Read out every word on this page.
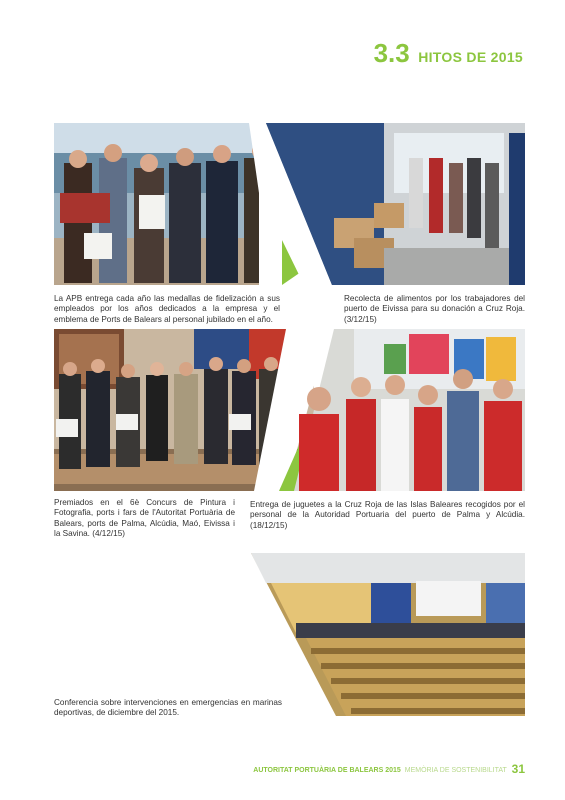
3.3 HITOS DE 2015
La APB entrega cada año las medallas de fidelización a sus empleados por los años dedicados a la empresa y el emblema de Ports de Balears al personal jubilado en el año.
Recolecta de alimentos por los trabajadores del puerto de Eivissa para su donación a Cruz Roja. (3/12/15)
Premiados en el 6è Concurs de Pintura i Fotografia, ports i fars de l'Autoritat Portuària de Balears, ports de Palma, Alcúdia, Maó, Eivissa i la Savina. (4/12/15)
Entrega de juguetes a la Cruz Roja de las Islas Baleares recogidos por el personal de la Autoridad Portuaria del puerto de Palma y Alcúdia. (18/12/15)
Conferencia sobre intervenciones en emergencias en marinas deportivas, de diciembre del 2015.
AUTORITAT PORTUÀRIA DE BALEARS 2015 MEMÒRIA DE SOSTENIBILITAT 31
